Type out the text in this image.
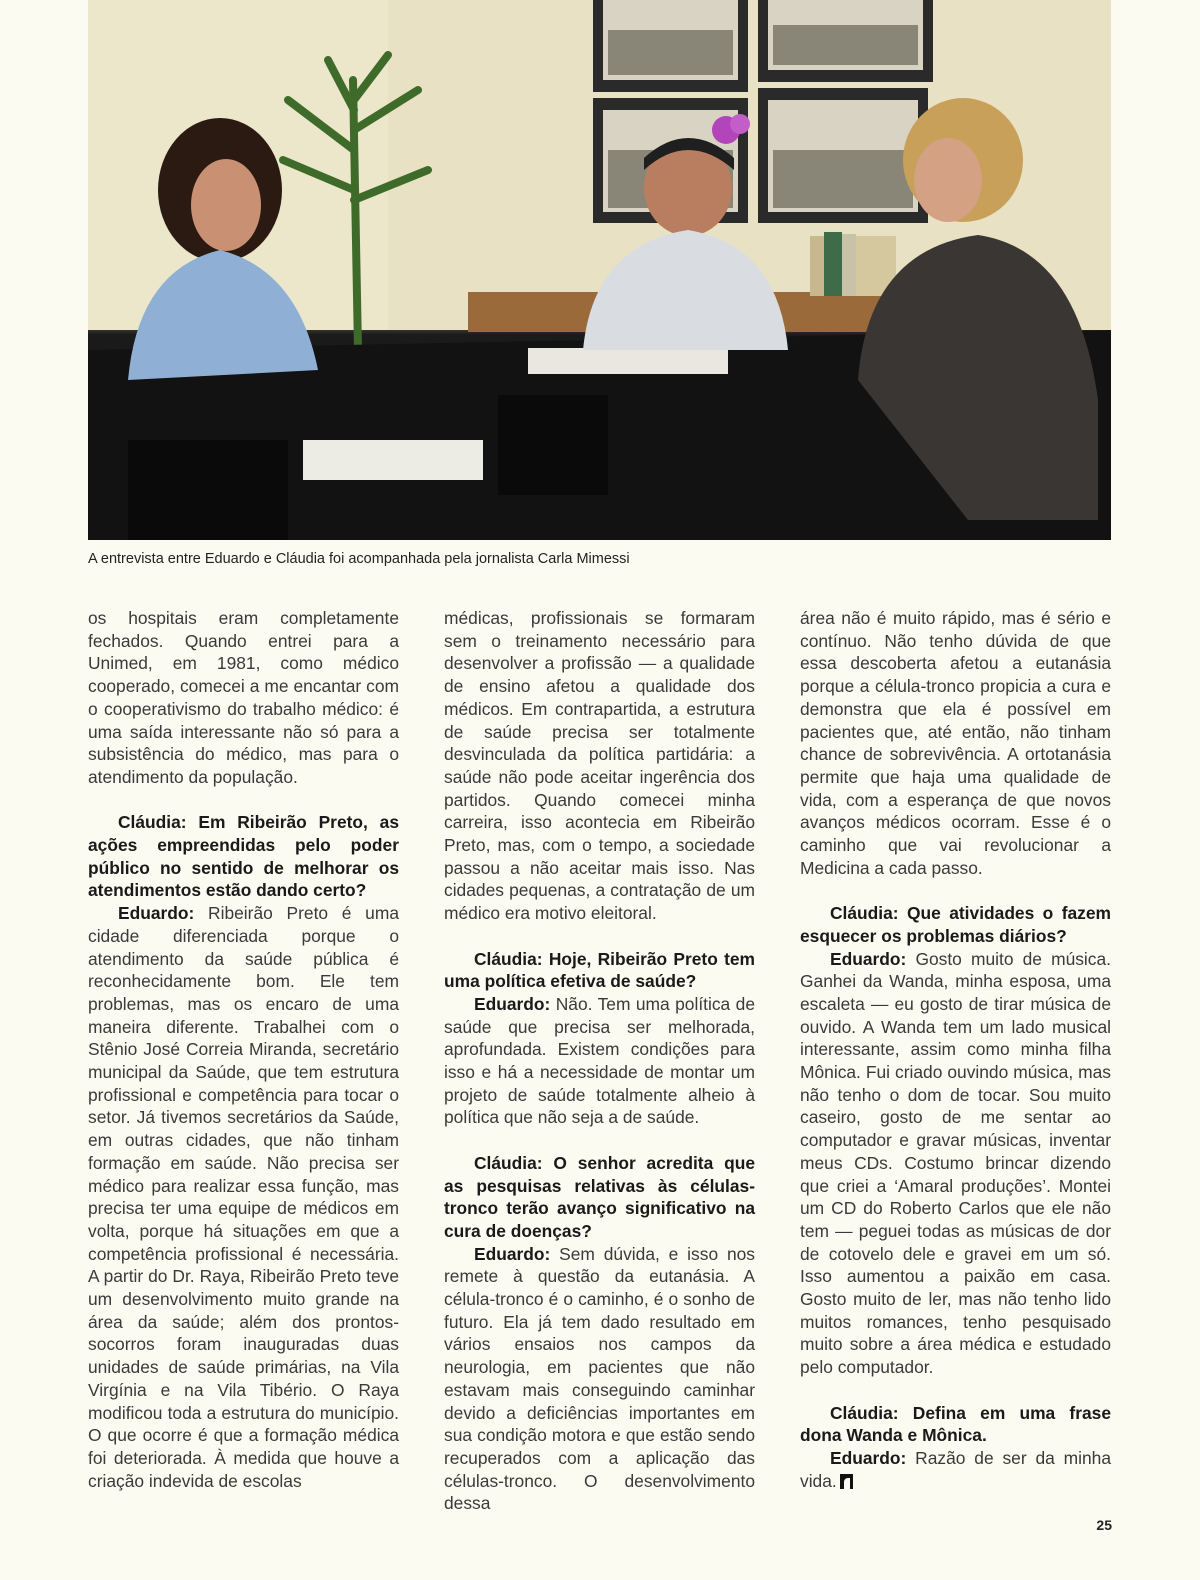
A entrevista entre Eduardo e Cláudia foi acompanhada pela jornalista Carla Mimessi

os hospitais eram completamente fechados. Quando entrei para a Unimed, em 1981, como médico cooperado, comecei a me encantar com o cooperativismo do trabalho médico: é uma saída interessante não só para a subsistência do médico, mas para o atendimento da população.

Cláudia: Em Ribeirão Preto, as ações empreendidas pelo poder público no sentido de melhorar os atendimentos estão dando certo?

Eduardo: Ribeirão Preto é uma cidade diferenciada porque o atendimento da saúde pública é reconhecidamente bom. Ele tem problemas, mas os encaro de uma maneira diferente. Trabalhei com o Stênio José Correia Miranda, secretário municipal da Saúde, que tem estrutura profissional e competência para tocar o setor. Já tivemos secretários da Saúde, em outras cidades, que não tinham formação em saúde. Não precisa ser médico para realizar essa função, mas precisa ter uma equipe de médicos em volta, porque há situações em que a competência profissional é necessária. A partir do Dr. Raya, Ribeirão Preto teve um desenvolvimento muito grande na área da saúde; além dos prontos-socorros foram inauguradas duas unidades de saúde primárias, na Vila Virgínia e na Vila Tibério. O Raya modificou toda a estrutura do município. O que ocorre é que a formação médica foi deteriorada. À medida que houve a criação indevida de escolas

médicas, profissionais se formaram sem o treinamento necessário para desenvolver a profissão — a qualidade de ensino afetou a qualidade dos médicos. Em contrapartida, a estrutura de saúde precisa ser totalmente desvinculada da política partidária: a saúde não pode aceitar ingerência dos partidos. Quando comecei minha carreira, isso acontecia em Ribeirão Preto, mas, com o tempo, a sociedade passou a não aceitar mais isso. Nas cidades pequenas, a contratação de um médico era motivo eleitoral.

Cláudia: Hoje, Ribeirão Preto tem uma política efetiva de saúde?

Eduardo: Não. Tem uma política de saúde que precisa ser melhorada, aprofundada. Existem condições para isso e há a necessidade de montar um projeto de saúde totalmente alheio à política que não seja a de saúde.

Cláudia: O senhor acredita que as pesquisas relativas às células-tronco terão avanço significativo na cura de doenças?

Eduardo: Sem dúvida, e isso nos remete à questão da eutanásia. A célula-tronco é o caminho, é o sonho de futuro. Ela já tem dado resultado em vários ensaios nos campos da neurologia, em pacientes que não estavam mais conseguindo caminhar devido a deficiências importantes em sua condição motora e que estão sendo recuperados com a aplicação das células-tronco. O desenvolvimento dessa

área não é muito rápido, mas é sério e contínuo. Não tenho dúvida de que essa descoberta afetou a eutanásia porque a célula-tronco propicia a cura e demonstra que ela é possível em pacientes que, até então, não tinham chance de sobrevivência. A ortotanásia permite que haja uma qualidade de vida, com a esperança de que novos avanços médicos ocorram. Esse é o caminho que vai revolucionar a Medicina a cada passo.

Cláudia: Que atividades o fazem esquecer os problemas diários?

Eduardo: Gosto muito de música. Ganhei da Wanda, minha esposa, uma escaleta — eu gosto de tirar música de ouvido. A Wanda tem um lado musical interessante, assim como minha filha Mônica. Fui criado ouvindo música, mas não tenho o dom de tocar. Sou muito caseiro, gosto de me sentar ao computador e gravar músicas, inventar meus CDs. Costumo brincar dizendo que criei a ‘Amaral produções’. Montei um CD do Roberto Carlos que ele não tem — peguei todas as músicas de dor de cotovelo dele e gravei em um só. Isso aumentou a paixão em casa. Gosto muito de ler, mas não tenho lido muitos romances, tenho pesquisado muito sobre a área médica e estudado pelo computador.

Cláudia: Defina em uma frase dona Wanda e Mônica.

Eduardo: Razão de ser da minha vida.

25
